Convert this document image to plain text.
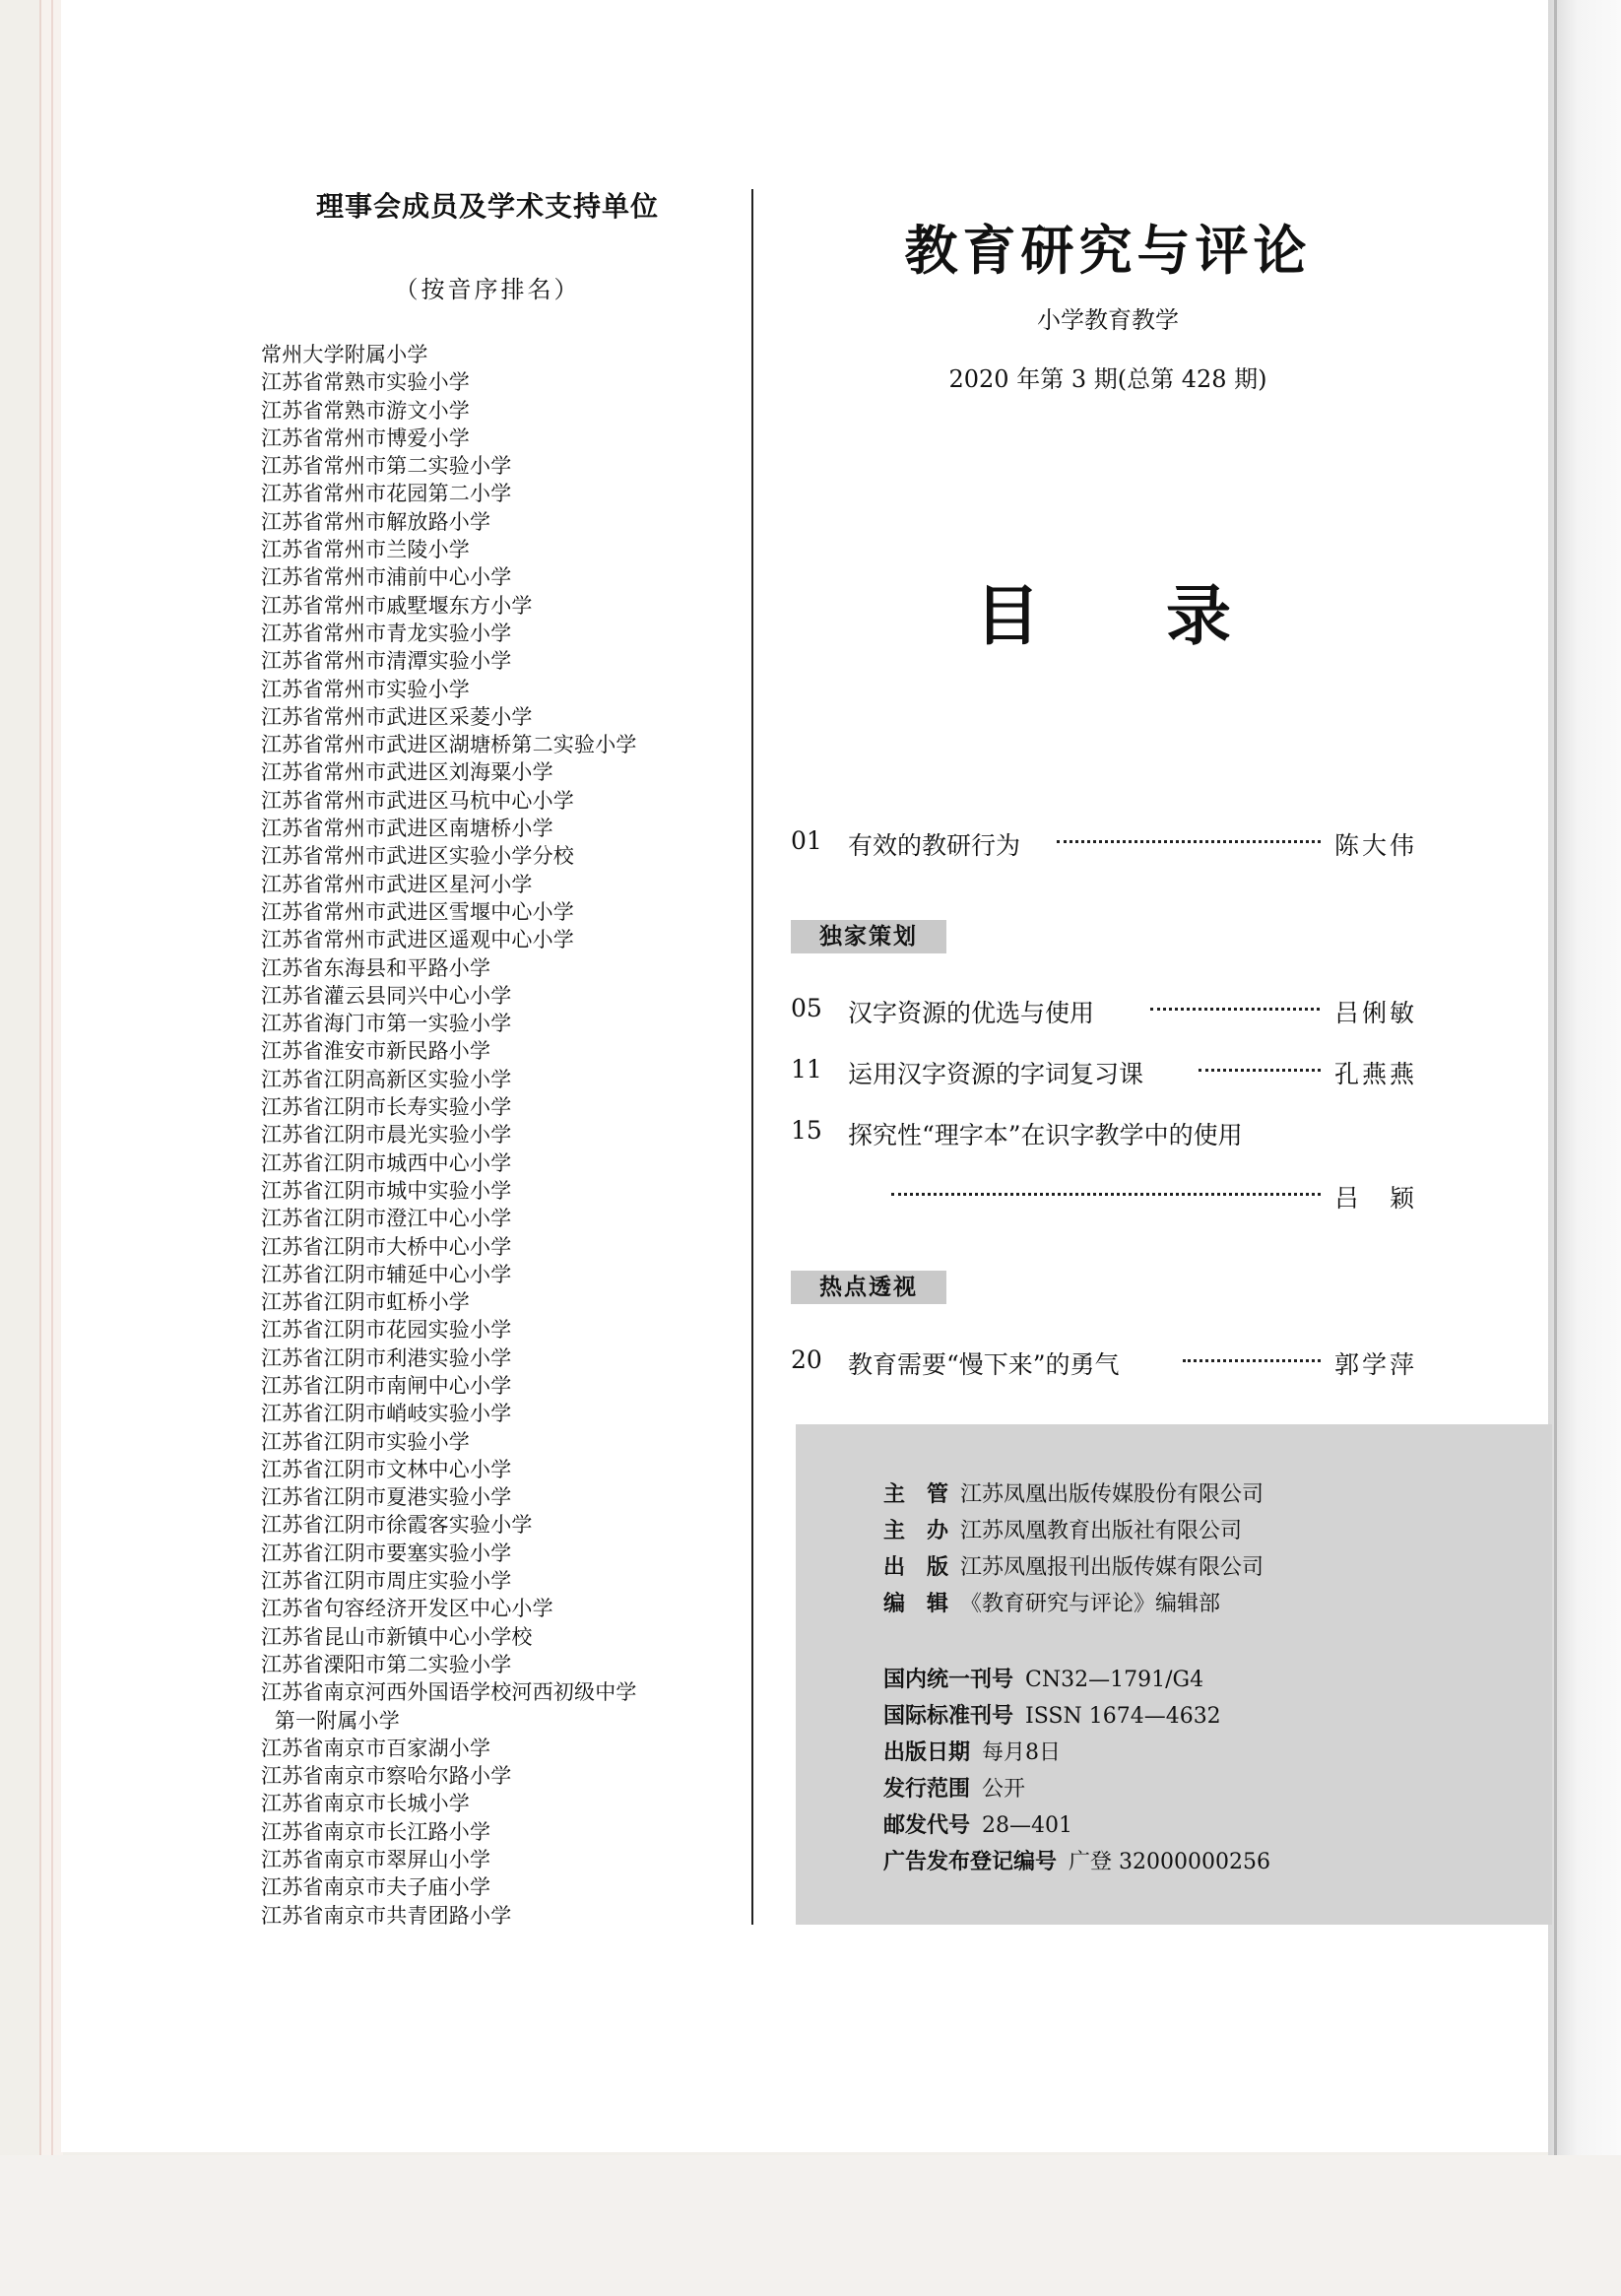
理事会成员及学术支持单位
（按音序排名）
常州大学附属小学
江苏省常熟市实验小学
江苏省常熟市游文小学
江苏省常州市博爱小学
江苏省常州市第二实验小学
江苏省常州市花园第二小学
江苏省常州市解放路小学
江苏省常州市兰陵小学
江苏省常州市浦前中心小学
江苏省常州市戚墅堰东方小学
江苏省常州市青龙实验小学
江苏省常州市清潭实验小学
江苏省常州市实验小学
江苏省常州市武进区采菱小学
江苏省常州市武进区湖塘桥第二实验小学
江苏省常州市武进区刘海粟小学
江苏省常州市武进区马杭中心小学
江苏省常州市武进区南塘桥小学
江苏省常州市武进区实验小学分校
江苏省常州市武进区星河小学
江苏省常州市武进区雪堰中心小学
江苏省常州市武进区遥观中心小学
江苏省东海县和平路小学
江苏省灌云县同兴中心小学
江苏省海门市第一实验小学
江苏省淮安市新民路小学
江苏省江阴高新区实验小学
江苏省江阴市长寿实验小学
江苏省江阴市晨光实验小学
江苏省江阴市城西中心小学
江苏省江阴市城中实验小学
江苏省江阴市澄江中心小学
江苏省江阴市大桥中心小学
江苏省江阴市辅延中心小学
江苏省江阴市虹桥小学
江苏省江阴市花园实验小学
江苏省江阴市利港实验小学
江苏省江阴市南闸中心小学
江苏省江阴市峭岐实验小学
江苏省江阴市实验小学
江苏省江阴市文林中心小学
江苏省江阴市夏港实验小学
江苏省江阴市徐霞客实验小学
江苏省江阴市要塞实验小学
江苏省江阴市周庄实验小学
江苏省句容经济开发区中心小学
江苏省昆山市新镇中心小学校
江苏省溧阳市第二实验小学
江苏省南京河西外国语学校河西初级中学
第一附属小学
江苏省南京市百家湖小学
江苏省南京市察哈尔路小学
江苏省南京市长城小学
江苏省南京市长江路小学
江苏省南京市翠屏山小学
江苏省南京市夫子庙小学
江苏省南京市共青团路小学
教育研究与评论
小学教育教学
2020 年第 3 期(总第 428 期)
目 录
01 有效的教研行为	陈大伟
独家策划
05 汉字资源的优选与使用	吕俐敏
11 运用汉字资源的字词复习课	孔燕燕
15 探究性“理字本”在识字教学中的使用
吕　颖
热点透视
20 教育需要“慢下来”的勇气	郭学萍
主　管 江苏凤凰出版传媒股份有限公司
主　办 江苏凤凰教育出版社有限公司
出　版 江苏凤凰报刊出版传媒有限公司
编　辑 《教育研究与评论》编辑部
国内统一刊号 CN32—1791/G4
国际标准刊号 ISSN 1674—4632
出版日期 每月8日
发行范围 公开
邮发代号 28—401
广告发布登记编号 广登 32000000256
